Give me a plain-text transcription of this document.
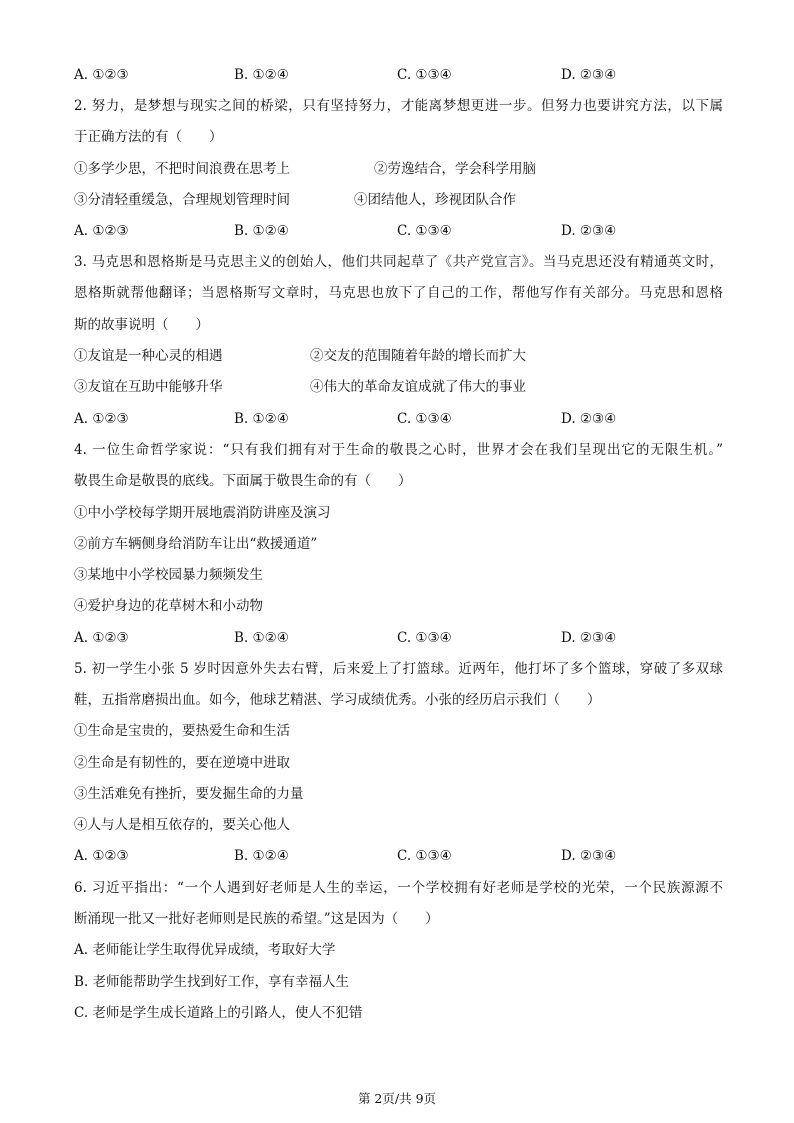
A. ①②③	B. ①②④	C. ①③④	D. ②③④
2. 努力，是梦想与现实之间的桥梁，只有坚持努力，才能离梦想更进一步。但努力也要讲究方法，以下属
于正确方法的有（　　）
①多学少思，不把时间浪费在思考上	②劳逸结合，学会科学用脑
③分清轻重缓急，合理规划管理时间	④团结他人，珍视团队合作
A. ①②③	B. ①②④	C. ①③④	D. ②③④
3. 马克思和恩格斯是马克思主义的创始人，他们共同起草了《共产党宣言》。当马克思还没有精通英文时，
恩格斯就帮他翻译；当恩格斯写文章时，马克思也放下了自己的工作，帮他写作有关部分。马克思和恩格
斯的故事说明（　　）
①友谊是一种心灵的相遇	②交友的范围随着年龄的增长而扩大
③友谊在互助中能够升华	④伟大的革命友谊成就了伟大的事业
A. ①②③	B. ①②④	C. ①③④	D. ②③④
4. 一位生命哲学家说：“只有我们拥有对于生命的敬畏之心时，世界才会在我们呈现出它的无限生机。”
敬畏生命是敬畏的底线。下面属于敬畏生命的有（　　）
①中小学校每学期开展地震消防讲座及演习
②前方车辆侧身给消防车让出“救援通道”
③某地中小学校园暴力频频发生
④爱护身边的花草树木和小动物
A. ①②③	B. ①②④	C. ①③④	D. ②③④
5. 初一学生小张 5 岁时因意外失去右臂，后来爱上了打篮球。近两年，他打坏了多个篮球，穿破了多双球
鞋，五指常磨损出血。如今，他球艺精湛、学习成绩优秀。小张的经历启示我们（　　）
①生命是宝贵的，要热爱生命和生活
②生命是有韧性的，要在逆境中进取
③生活难免有挫折，要发掘生命的力量
④人与人是相互依存的，要关心他人
A. ①②③	B. ①②④	C. ①③④	D. ②③④
6. 习近平指出：“一个人遇到好老师是人生的幸运，一个学校拥有好老师是学校的光荣，一个民族源源不
断涌现一批又一批好老师则是民族的希望。”这是因为（　　）
A. 老师能让学生取得优异成绩，考取好大学
B. 老师能帮助学生找到好工作，享有幸福人生
C. 老师是学生成长道路上的引路人，使人不犯错
第 2页/共 9页
